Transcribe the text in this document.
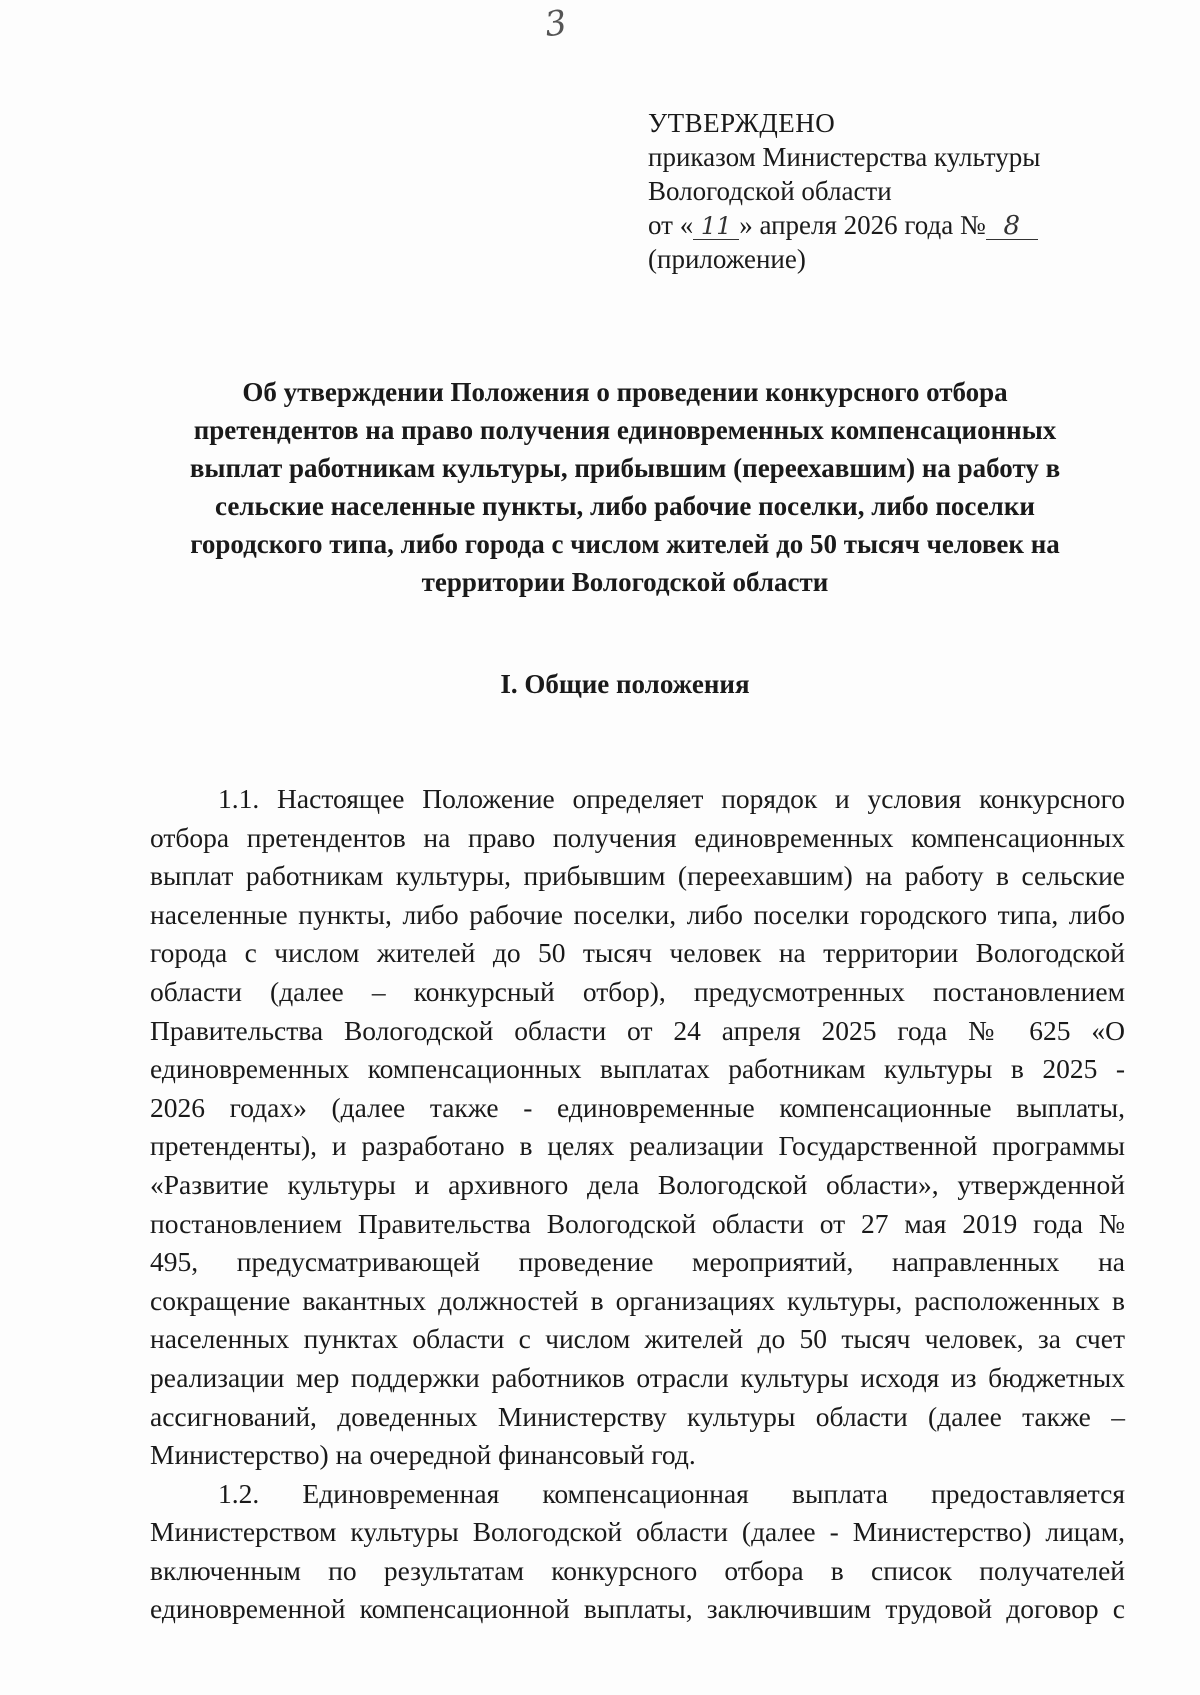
3
УТВЕРЖДЕНО
приказом Министерства культуры
Вологодской области
от « 11 » апреля 2026 года № 8
(приложение)
Об утверждении Положения о проведении конкурсного отбора
претендентов на право получения единовременных компенсационных
выплат работникам культуры, прибывшим (переехавшим) на работу в
сельские населенные пункты, либо рабочие поселки, либо поселки
городского типа, либо города с числом жителей до 50 тысяч человек на
территории Вологодской области
I. Общие положения
1.1. Настоящее Положение определяет порядок и условия конкурсного
отбора претендентов на право получения единовременных компенсационных
выплат работникам культуры, прибывшим (переехавшим) на работу в сельские
населенные пункты, либо рабочие поселки, либо поселки городского типа, либо
города с числом жителей до 50 тысяч человек на территории Вологодской
области (далее – конкурсный отбор), предусмотренных постановлением
Правительства Вологодской области от 24 апреля 2025 года № 625 «О
единовременных компенсационных выплатах работникам культуры в 2025 -
2026 годах» (далее также - единовременные компенсационные выплаты,
претенденты), и разработано в целях реализации Государственной программы
«Развитие культуры и архивного дела Вологодской области», утвержденной
постановлением Правительства Вологодской области от 27 мая 2019 года №
495, предусматривающей проведение мероприятий, направленных на
сокращение вакантных должностей в организациях культуры, расположенных в
населенных пунктах области с числом жителей до 50 тысяч человек, за счет
реализации мер поддержки работников отрасли культуры исходя из бюджетных
ассигнований, доведенных Министерству культуры области (далее также –
Министерство) на очередной финансовый год.
1.2. Единовременная компенсационная выплата предоставляется
Министерством культуры Вологодской области (далее - Министерство) лицам,
включенным по результатам конкурсного отбора в список получателей
единовременной компенсационной выплаты, заключившим трудовой договор с
